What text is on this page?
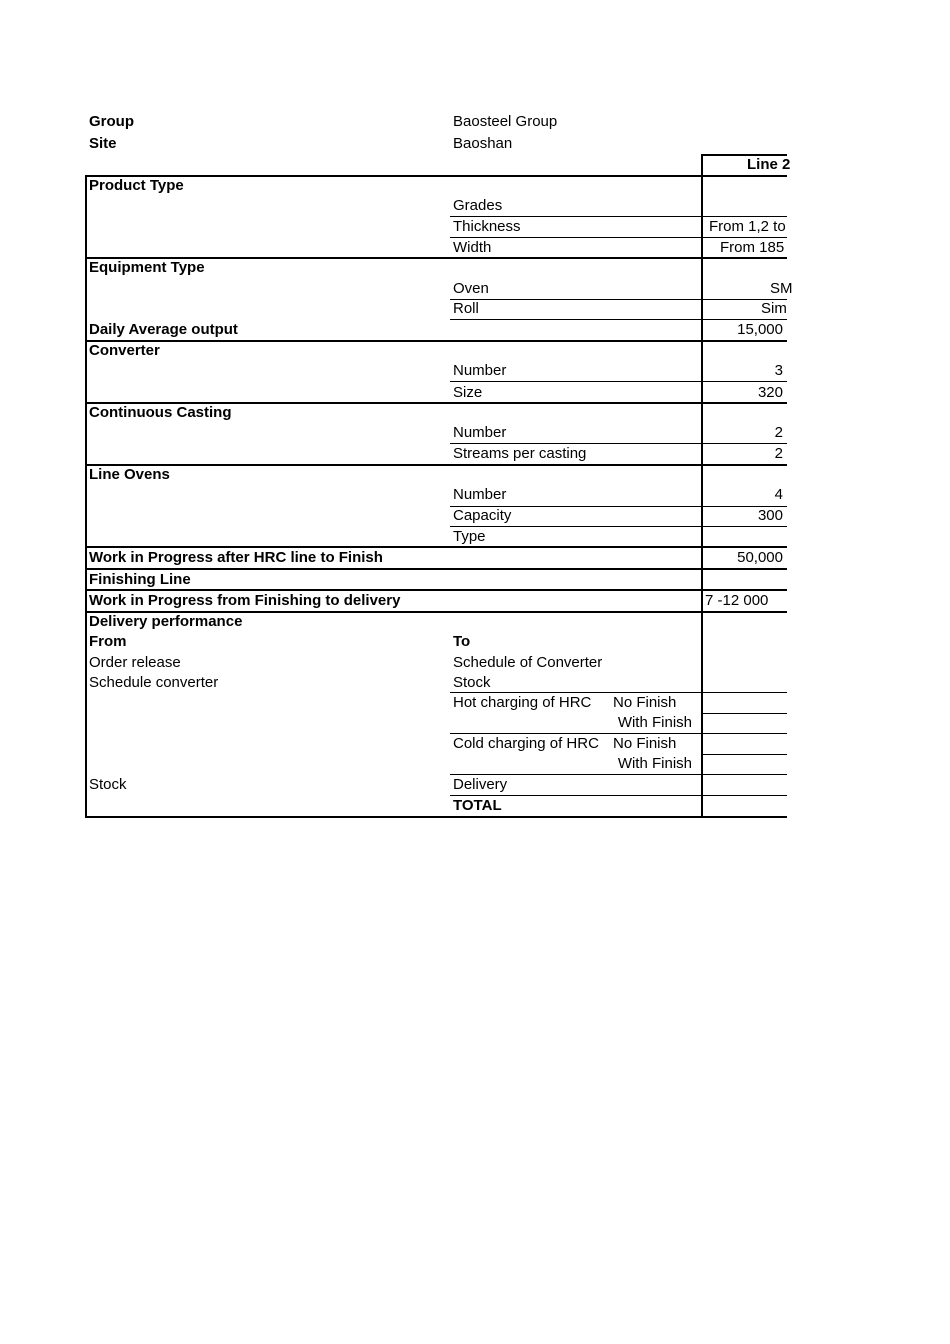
Group	Baosteel Group
Site	Baoshan
Line 2
Product Type
Grades
Thickness	From 1,2 to
Width	From 185
Equipment Type
Oven	SM
Roll	Sim
Daily Average output	15,000
Converter
Number	3
Size	320
Continuous Casting
Number	2
Streams per casting	2
Line Ovens
Number	4
Capacity	300
Type
Work in Progress after HRC line to Finish	50,000
Finishing Line
Work in Progress from Finishing to delivery	7 -12 000
Delivery performance
From	To
Order release	Schedule of Converter
Schedule converter	Stock
Hot charging of HRC No Finish
With Finish
Cold charging of HRC No Finish
With Finish
Stock	Delivery
TOTAL
